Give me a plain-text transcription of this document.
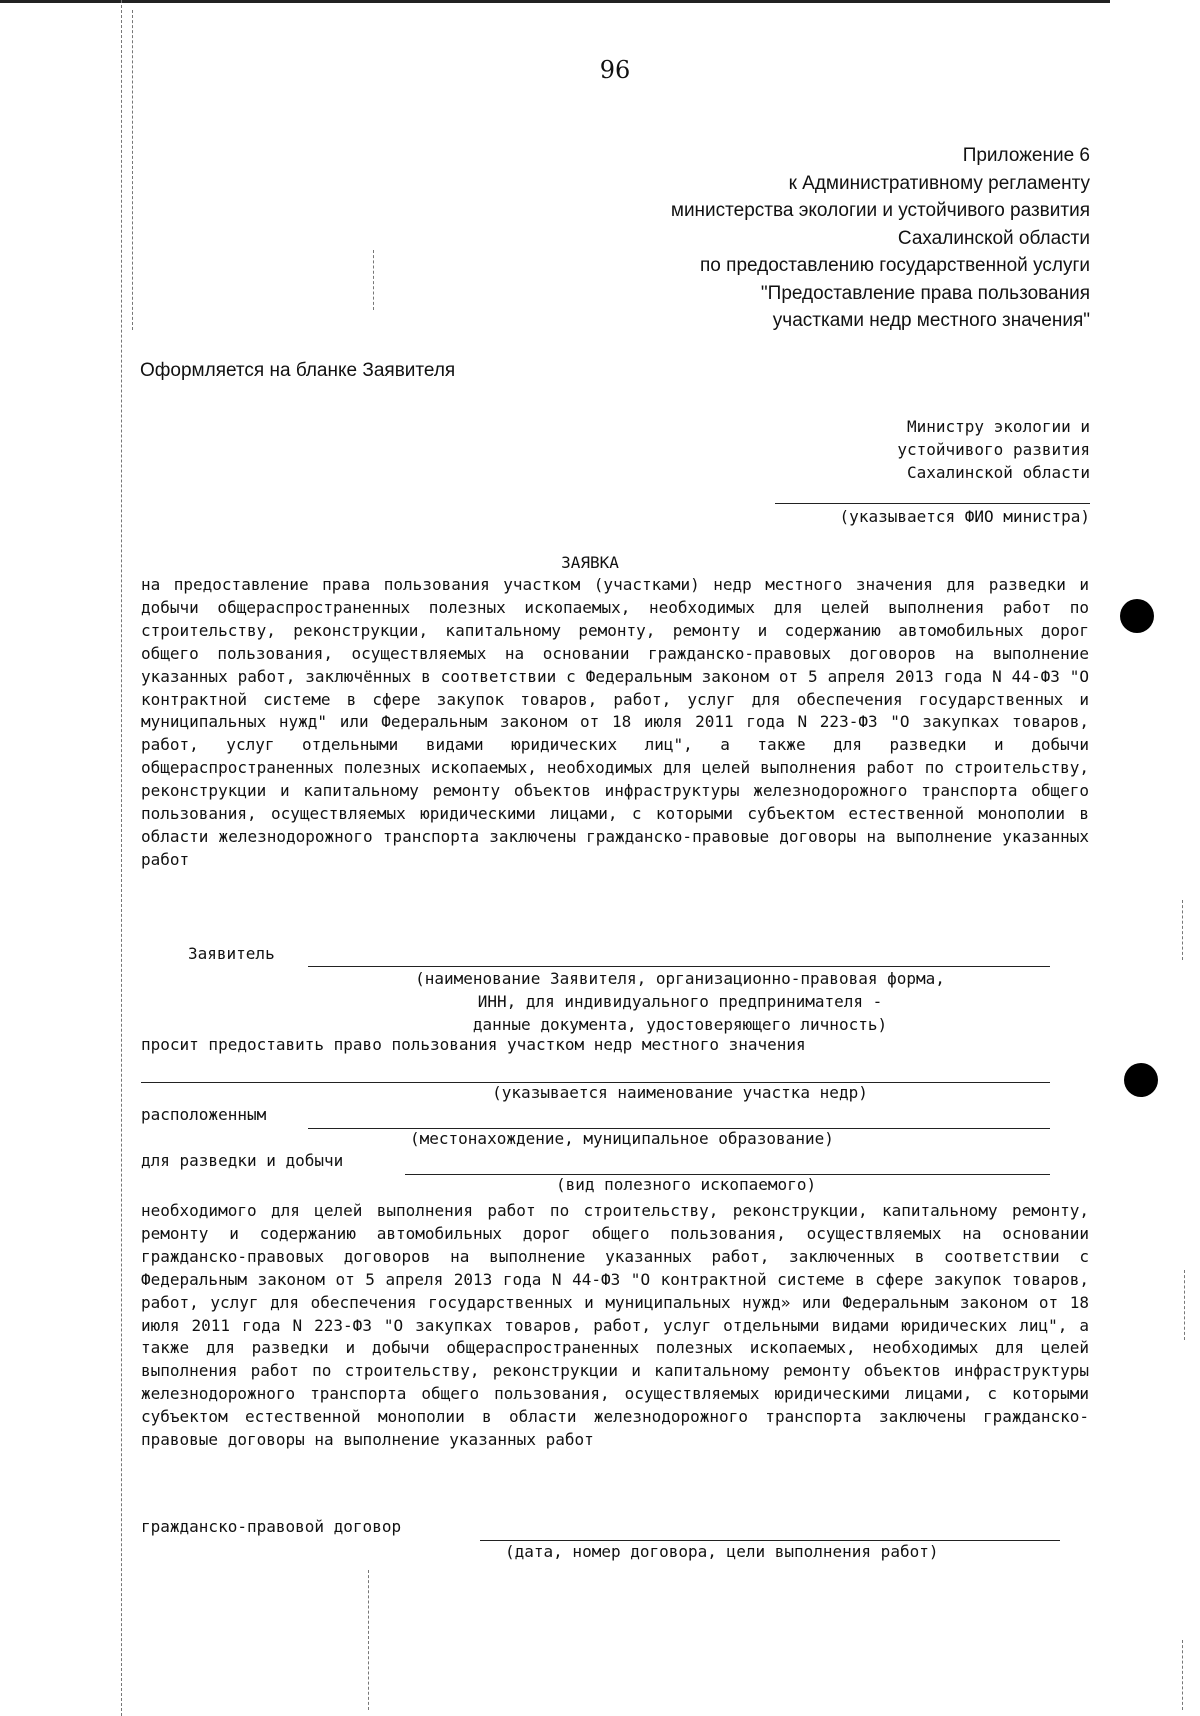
96
Приложение 6
к Административному регламенту
министерства экологии и устойчивого развития
Сахалинской области
по предоставлению государственной услуги
"Предоставление права пользования
участками недр местного значения"
Оформляется на бланке Заявителя
Министру экологии и
устойчивого развития
Сахалинской области
(указывается ФИО министра)
ЗАЯВКА
на предоставление права пользования участком (участками) недр местного значения для разведки и добычи общераспространенных полезных ископаемых, необходимых для целей выполнения работ по строительству, реконструкции, капитальному ремонту, ремонту и содержанию автомобильных дорог общего пользования, осуществляемых на основании гражданско-правовых договоров на выполнение указанных работ, заключённых в соответствии с Федеральным законом от 5 апреля 2013 года N 44-ФЗ "О контрактной системе в сфере закупок товаров, работ, услуг для обеспечения государственных и муниципальных нужд" или Федеральным законом от 18 июля 2011 года N 223-ФЗ "О закупках товаров, работ, услуг отдельными видами юридических лиц", а также для разведки и добычи общераспространенных полезных ископаемых, необходимых для целей выполнения работ по строительству, реконструкции и капитальному ремонту объектов инфраструктуры железнодорожного транспорта общего пользования, осуществляемых юридическими лицами, с которыми субъектом естественной монополии в области железнодорожного транспорта заключены гражданско-правовые договоры на выполнение указанных работ
Заявитель
(наименование Заявителя, организационно-правовая форма,
ИНН, для индивидуального предпринимателя -
данные документа, удостоверяющего личность)
просит предоставить право пользования участком недр местного значения
(указывается наименование участка недр)
расположенным
(местонахождение, муниципальное образование)
для разведки и добычи
(вид полезного ископаемого)
необходимого для целей выполнения работ по строительству, реконструкции, капитальному ремонту, ремонту и содержанию автомобильных дорог общего пользования, осуществляемых на основании гражданско-правовых договоров на выполнение указанных работ, заключенных в соответствии с Федеральным законом от 5 апреля 2013 года N 44-ФЗ "О контрактной системе в сфере закупок товаров, работ, услуг для обеспечения государственных и муниципальных нужд» или Федеральным законом от 18 июля 2011 года N 223-ФЗ "О закупках товаров, работ, услуг отдельными видами юридических лиц", а также для разведки и добычи общераспространенных полезных ископаемых, необходимых для целей выполнения работ по строительству, реконструкции и капитальному ремонту объектов инфраструктуры железнодорожного транспорта общего пользования, осуществляемых юридическими лицами, с которыми субъектом естественной монополии в области железнодорожного транспорта заключены гражданско-правовые договоры на выполнение указанных работ
гражданско-правовой договор
(дата, номер договора, цели выполнения работ)
